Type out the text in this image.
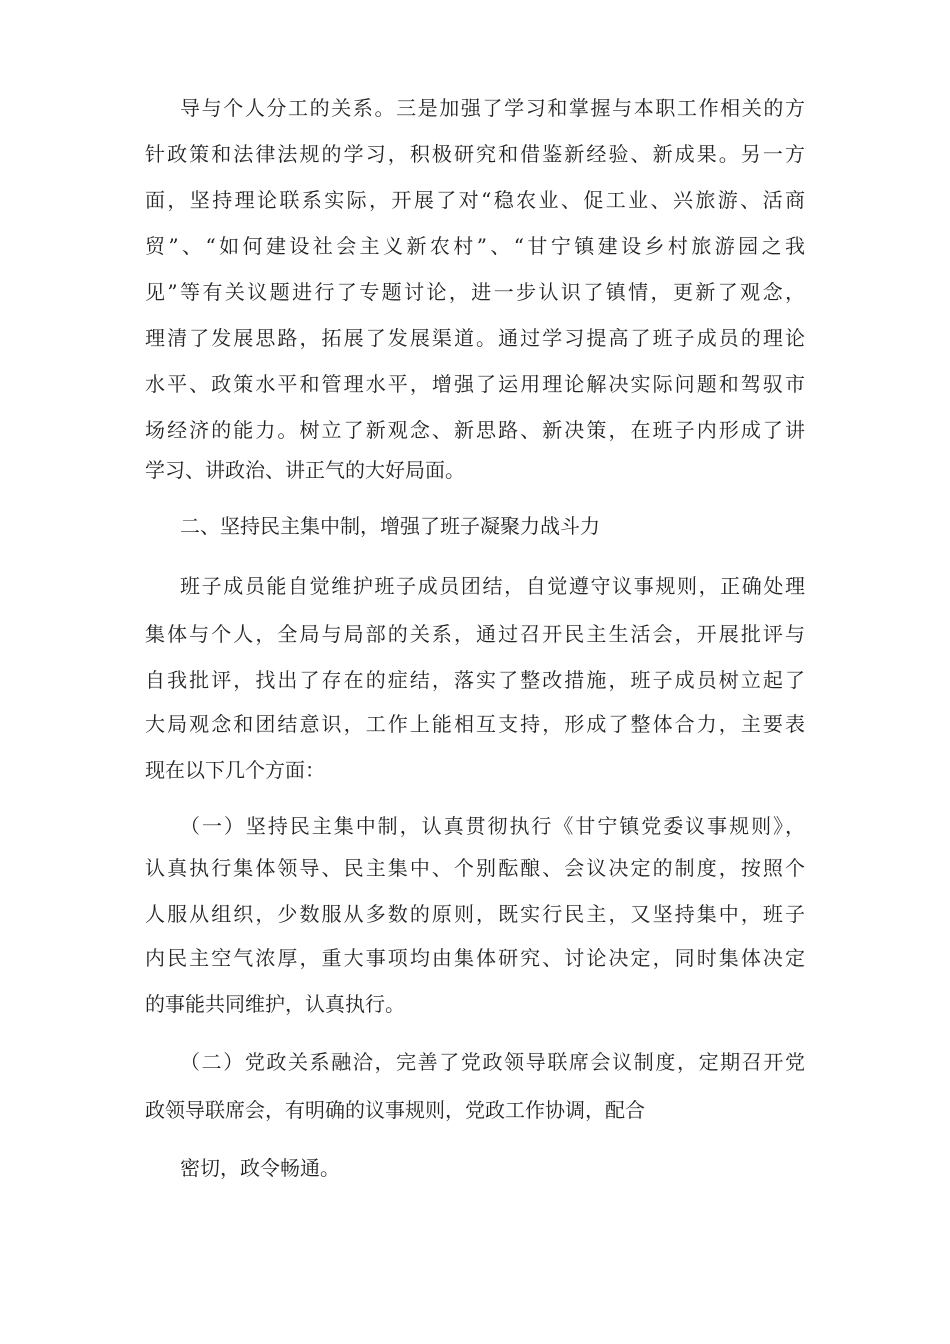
导与个人分工的关系。三是加强了学习和掌握与本职工作相关的方
针政策和法律法规的学习，积极研究和借鉴新经验、新成果。另一方
面，坚持理论联系实际，开展了对“稳农业、促工业、兴旅游、活商
贸”、“如何建设社会主义新农村”、“甘宁镇建设乡村旅游园之我
见”等有关议题进行了专题讨论，进一步认识了镇情，更新了观念，
理清了发展思路，拓展了发展渠道。通过学习提高了班子成员的理论
水平、政策水平和管理水平，增强了运用理论解决实际问题和驾驭市
场经济的能力。树立了新观念、新思路、新决策，在班子内形成了讲
学习、讲政治、讲正气的大好局面。
二、坚持民主集中制，增强了班子凝聚力战斗力
班子成员能自觉维护班子成员团结，自觉遵守议事规则，正确处理
集体与个人，全局与局部的关系，通过召开民主生活会，开展批评与
自我批评，找出了存在的症结，落实了整改措施，班子成员树立起了
大局观念和团结意识，工作上能相互支持，形成了整体合力，主要表
现在以下几个方面：
（一）坚持民主集中制，认真贯彻执行《甘宁镇党委议事规则》，
认真执行集体领导、民主集中、个别酝酿、会议决定的制度，按照个
人服从组织，少数服从多数的原则，既实行民主，又坚持集中，班子
内民主空气浓厚，重大事项均由集体研究、讨论决定，同时集体决定
的事能共同维护，认真执行。
（二）党政关系融洽，完善了党政领导联席会议制度，定期召开党
政领导联席会，有明确的议事规则，党政工作协调，配合
密切，政令畅通。
